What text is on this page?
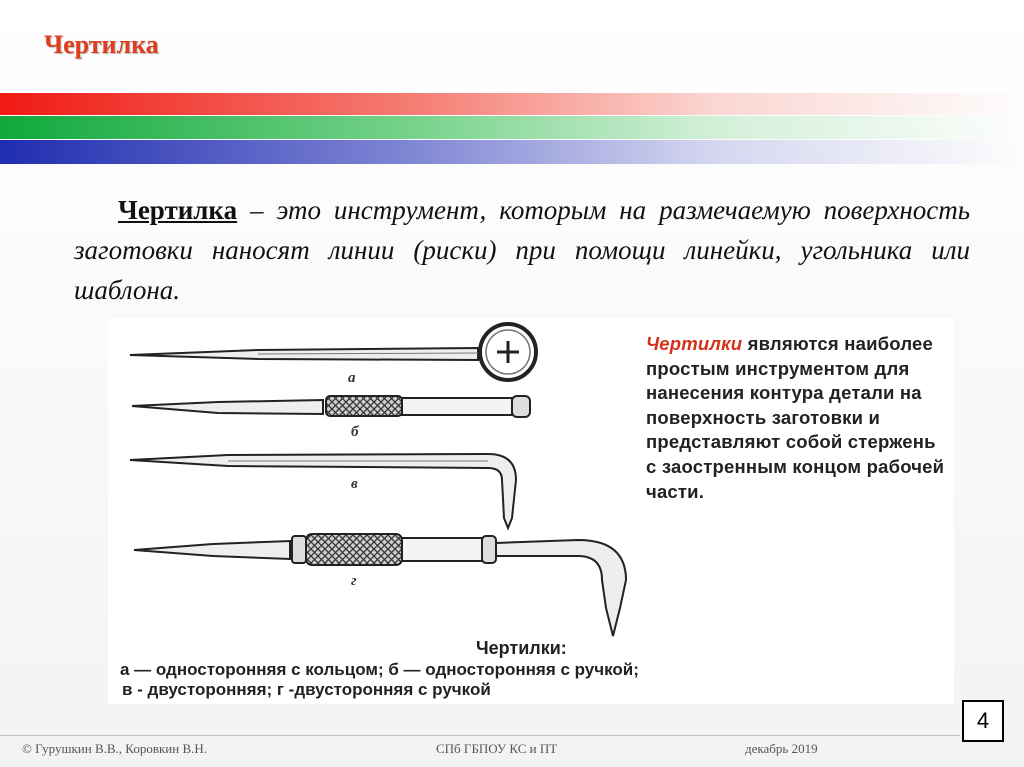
Чертилка
Чертилка – это инструмент, которым на размечаемую поверхность заготовки наносят линии (риски) при помощи линейки, угольника или шаблона.
а
б
в
г
Чертилки являются наиболее простым инструментом для нанесения контура детали на поверхность заготовки и представляют собой стержень с заостренным концом рабочей части.
Чертилки:
а — односторонняя с кольцом; б — односторонняя с ручкой;
в - двусторонняя; г -двусторонняя с ручкой
4
© Гурушкин В.В., Коровкин В.Н.	СПб ГБПОУ КС и ПТ	декабрь 2019
